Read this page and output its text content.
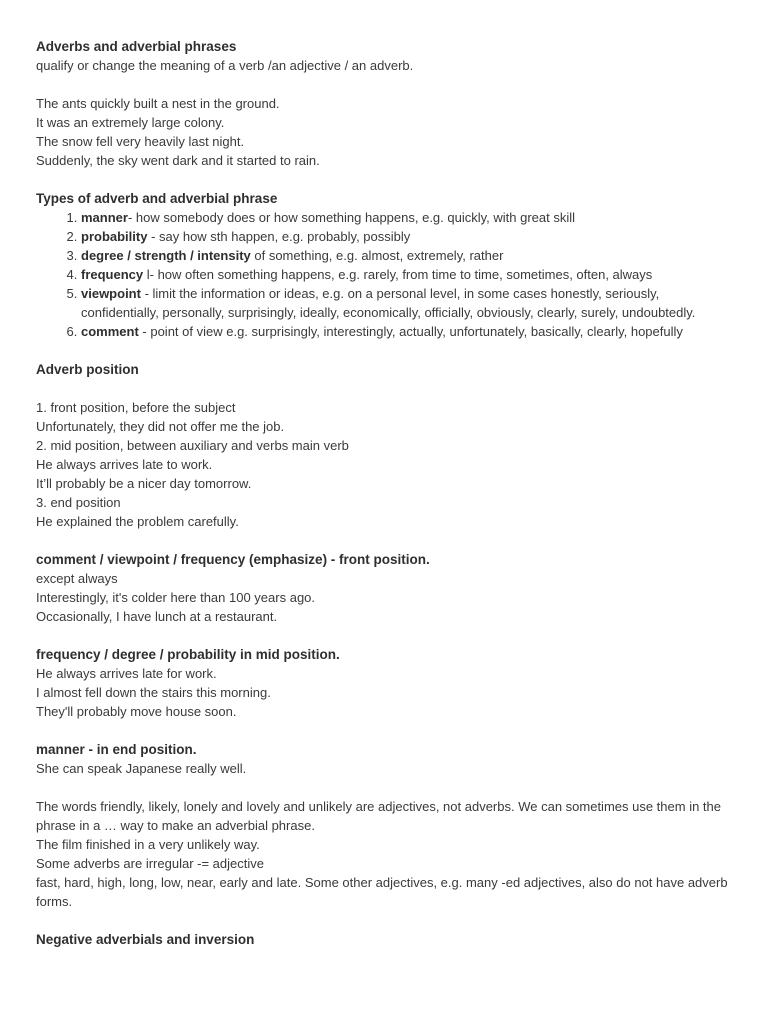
Adverbs and adverbial phrases
qualify or change the meaning of a verb /an adjective / an adverb.
The ants quickly built a nest in the ground.
It was an extremely large colony.
The snow fell very heavily last night.
Suddenly, the sky went dark and it started to rain.
Types of adverb and adverbial phrase
1. manner- how somebody does or how something happens, e.g. quickly, with great skill
2. probability - say how sth happen, e.g. probably, possibly
3. degree / strength / intensity of something, e.g. almost, extremely, rather
4. frequency l- how often something happens, e.g. rarely, from time to time, sometimes, often, always
5. viewpoint - limit the information or ideas, e.g. on a personal level, in some cases honestly, seriously, confidentially, personally, surprisingly, ideally, economically, officially, obviously, clearly, surely, undoubtedly.
6. comment - point of view e.g. surprisingly, interestingly, actually, unfortunately, basically, clearly, hopefully
Adverb position
1. front position, before the subject
Unfortunately, they did not offer me the job.
2. mid position, between auxiliary and verbs main verb
He always arrives late to work.
It’ll probably be a nicer day tomorrow.
3. end position
He explained the problem carefully.
comment / viewpoint / frequency (emphasize) - front position.
except always
Interestingly, it's colder here than 100 years ago.
Occasionally, I have lunch at a restaurant.
frequency / degree / probability in mid position.
He always arrives late for work.
I almost fell down the stairs this morning.
They'll probably move house soon.
manner - in end position.
She can speak Japanese really well.
The words friendly, likely, lonely and lovely and unlikely are adjectives, not adverbs. We can sometimes use them in the phrase in a … way to make an adverbial phrase.
The film finished in a very unlikely way.
Some adverbs are irregular -= adjective
fast, hard, high, long, low, near, early and late. Some other adjectives, e.g. many -ed adjectives, also do not have adverb forms.
Negative adverbials and inversion
